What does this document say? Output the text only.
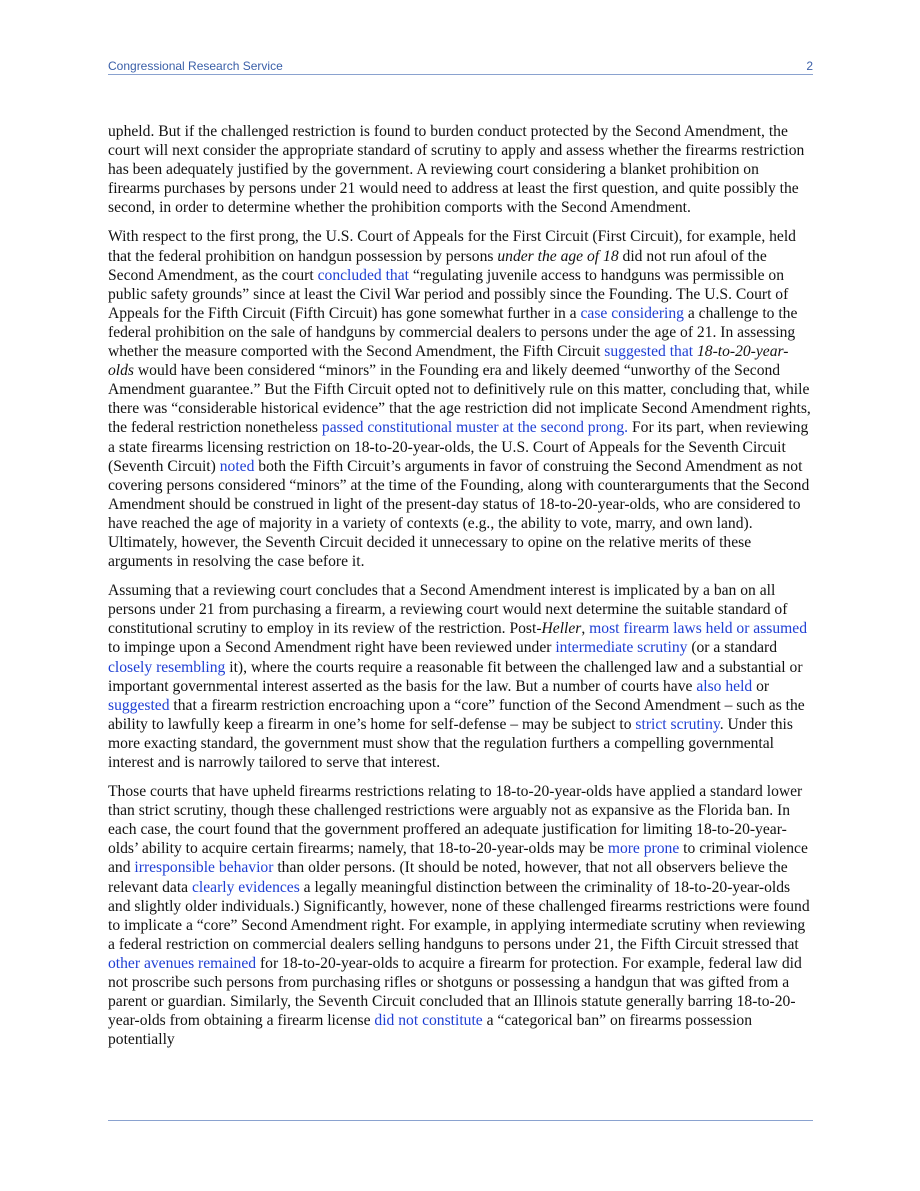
Congressional Research Service	2

upheld. But if the challenged restriction is found to burden conduct protected by the Second Amendment, the court will next consider the appropriate standard of scrutiny to apply and assess whether the firearms restriction has been adequately justified by the government. A reviewing court considering a blanket prohibition on firearms purchases by persons under 21 would need to address at least the first question, and quite possibly the second, in order to determine whether the prohibition comports with the Second Amendment.

With respect to the first prong, the U.S. Court of Appeals for the First Circuit (First Circuit), for example, held that the federal prohibition on handgun possession by persons under the age of 18 did not run afoul of the Second Amendment, as the court concluded that “regulating juvenile access to handguns was permissible on public safety grounds” since at least the Civil War period and possibly since the Founding. The U.S. Court of Appeals for the Fifth Circuit (Fifth Circuit) has gone somewhat further in a case considering a challenge to the federal prohibition on the sale of handguns by commercial dealers to persons under the age of 21. In assessing whether the measure comported with the Second Amendment, the Fifth Circuit suggested that 18-to-20-year-olds would have been considered “minors” in the Founding era and likely deemed “unworthy of the Second Amendment guarantee.” But the Fifth Circuit opted not to definitively rule on this matter, concluding that, while there was “considerable historical evidence” that the age restriction did not implicate Second Amendment rights, the federal restriction nonetheless passed constitutional muster at the second prong. For its part, when reviewing a state firearms licensing restriction on 18-to-20-year-olds, the U.S. Court of Appeals for the Seventh Circuit (Seventh Circuit) noted both the Fifth Circuit’s arguments in favor of construing the Second Amendment as not covering persons considered “minors” at the time of the Founding, along with counterarguments that the Second Amendment should be construed in light of the present-day status of 18-to-20-year-olds, who are considered to have reached the age of majority in a variety of contexts (e.g., the ability to vote, marry, and own land). Ultimately, however, the Seventh Circuit decided it unnecessary to opine on the relative merits of these arguments in resolving the case before it.

Assuming that a reviewing court concludes that a Second Amendment interest is implicated by a ban on all persons under 21 from purchasing a firearm, a reviewing court would next determine the suitable standard of constitutional scrutiny to employ in its review of the restriction. Post-Heller, most firearm laws held or assumed to impinge upon a Second Amendment right have been reviewed under intermediate scrutiny (or a standard closely resembling it), where the courts require a reasonable fit between the challenged law and a substantial or important governmental interest asserted as the basis for the law. But a number of courts have also held or suggested that a firearm restriction encroaching upon a “core” function of the Second Amendment – such as the ability to lawfully keep a firearm in one’s home for self-defense – may be subject to strict scrutiny. Under this more exacting standard, the government must show that the regulation furthers a compelling governmental interest and is narrowly tailored to serve that interest.

Those courts that have upheld firearms restrictions relating to 18-to-20-year-olds have applied a standard lower than strict scrutiny, though these challenged restrictions were arguably not as expansive as the Florida ban. In each case, the court found that the government proffered an adequate justification for limiting 18-to-20-year-olds’ ability to acquire certain firearms; namely, that 18-to-20-year-olds may be more prone to criminal violence and irresponsible behavior than older persons. (It should be noted, however, that not all observers believe the relevant data clearly evidences a legally meaningful distinction between the criminality of 18-to-20-year-olds and slightly older individuals.) Significantly, however, none of these challenged firearms restrictions were found to implicate a “core” Second Amendment right. For example, in applying intermediate scrutiny when reviewing a federal restriction on commercial dealers selling handguns to persons under 21, the Fifth Circuit stressed that other avenues remained for 18-to-20-year-olds to acquire a firearm for protection. For example, federal law did not proscribe such persons from purchasing rifles or shotguns or possessing a handgun that was gifted from a parent or guardian. Similarly, the Seventh Circuit concluded that an Illinois statute generally barring 18-to-20-year-olds from obtaining a firearm license did not constitute a “categorical ban” on firearms possession potentially
